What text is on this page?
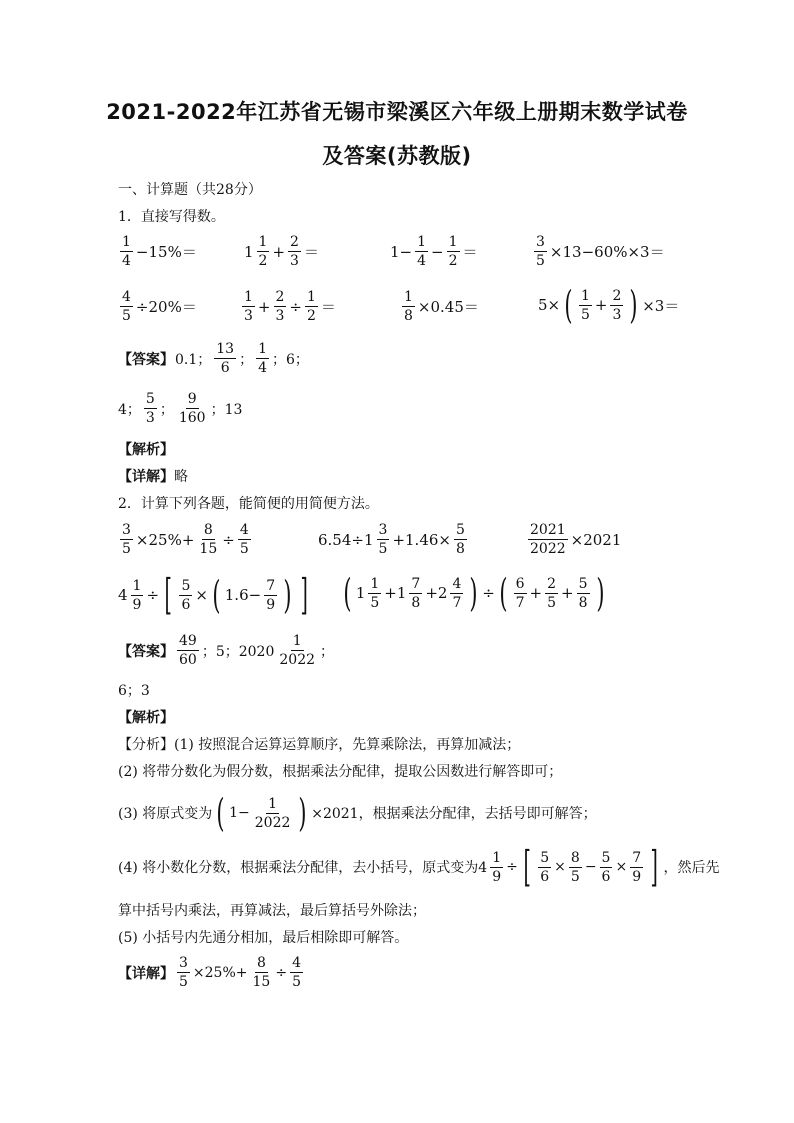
2021-2022年江苏省无锡市梁溪区六年级上册期末数学试卷
及答案(苏教版)
一、计算题（共28分）
1．直接写得数。
$\frac{1}{4} -15\%=$	$1 \frac{1}{2} + \frac{2}{3}$ ＝	$1- \frac{1}{4} - \frac{1}{2}$ ＝	$\frac{3}{5} \times 13-60\%\times 3=$
$\frac{4}{5} \div 20\%=$	$\frac{1}{3} + \frac{2}{3} \div \frac{1}{2}$ ＝	$\frac{1}{8} \times 0.45=$	5× ( $\frac{1}{5} + \frac{2}{3}$ ) ×3＝
【答案】 0.1； $\frac{13}{6}$ ； $\frac{1}{4}$ ；6；
4； $\frac{5}{3}$ ； $\frac{9}{160}$ ；13
【解析】
【详解】略
2．计算下列各题，能简便的用简便方法。
$\frac{3}{5} \times 25\%+ \frac{8}{15} \div \frac{4}{5}$	$6.54\div 1 \frac{3}{5} +1.46\times \frac{5}{8}$	$\frac{2021}{2022} \times 2021$
$4 \frac{1}{9}$ ÷ [ $\frac{5}{6}$ × ( $1.6- \frac{7}{9}$ ) ] ( $1 \frac{1}{5} +1 \frac{7}{8} +2 \frac{4}{7}$ ) ÷ ( $\frac{6}{7} + \frac{2}{5} + \frac{5}{8}$ )
【答案】 $\frac{49}{60}$ ；5；$2020 \frac{1}{2022}$ ；
6；3
【解析】
【分析】(1) 按照混合运算运算顺序，先算乘除法，再算加减法；
(2) 将带分数化为假分数，根据乘法分配律，提取公因数进行解答即可；
(3) 将原式变为 ( $1- \frac{1}{2022}$ ) ×2021，根据乘法分配律，去括号即可解答；
(4) 将小数化分数，根据乘法分配律，去小括号，原式变为$4 \frac{1}{9}$ ÷ [ $\frac{5}{6} \times \frac{8}{5} - \frac{5}{6} \times \frac{7}{9}$ ] ，然后先
算中括号内乘法，再算减法，最后算括号外除法；
(5) 小括号内先通分相加，最后相除即可解答。
【详解】 $\frac{3}{5} \times 25\%+ \frac{8}{15} \div \frac{4}{5}$
